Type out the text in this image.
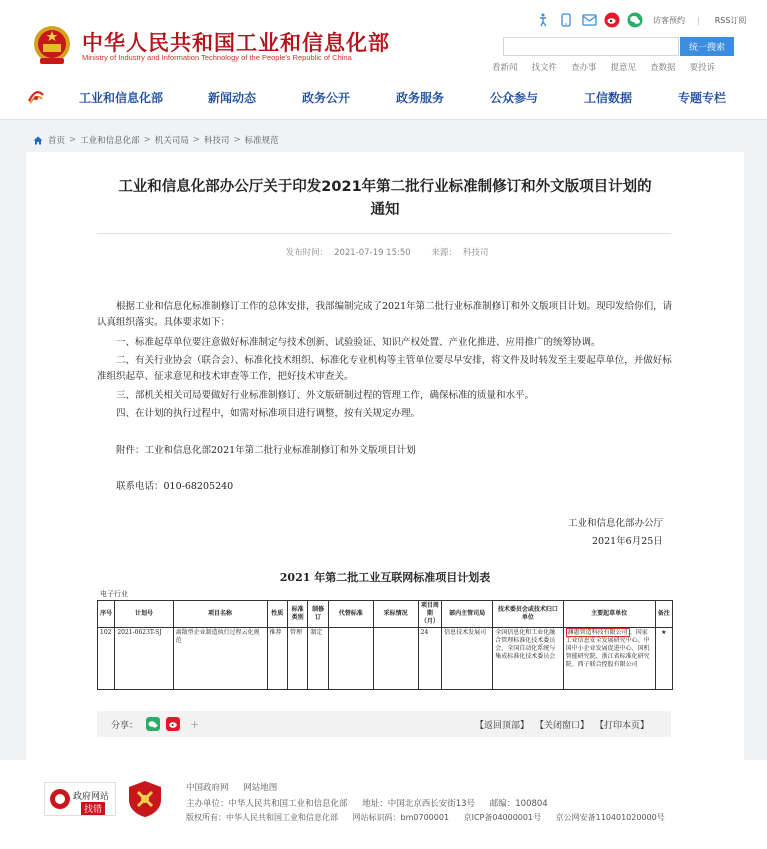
中华人民共和国工业和信息化部
Ministry of Industry and Information Technology of the People's Republic of China
访客预约 | RSS订阅
统一搜索
看新闻 找文件 查办事 提意见 查数据 要投诉
工业和信息化部	新闻动态	政务公开	政务服务	公众参与	工信数据	专题专栏
首页 > 工业和信息化部 > 机关司局 > 科技司 > 标准规范
工业和信息化部办公厅关于印发2021年第二批行业标准制修订和外文版项目计划的
通知
发布时间： 2021-07-19 15:50 来源： 科技司
根据工业和信息化标准制修订工作的总体安排，我部编制完成了2021年第二批行业标准制修订和外文版项目计划。现印发给你们，请认真组织落实。具体要求如下：
一、标准起草单位要注意做好标准制定与技术创新、试验验证、知识产权处置、产业化推进、应用推广的统筹协调。
二、有关行业协会（联合会）、标准化技术组织、标准化专业机构等主管单位要尽早安排，将文件及时转发至主要起草单位，并做好标准组织起草、征求意见和技术审查等工作，把好技术审查关。
三、部机关相关司局要做好行业标准制修订、外文版研制过程的管理工作，确保标准的质量和水平。
四、在计划的执行过程中，如需对标准项目进行调整，按有关规定办理。
附件：工业和信息化部2021年第二批行业标准制修订和外文版项目计划
联系电话：010-68205240
工业和信息化部办公厅
2021年6月25日
2021 年第二批工业互联网标准项目计划表
电子行业
序号	计划号	项目名称	性质	标准类别	制修订	代替标准	采标情况	项目周期（月）	部内主管司局	技术委员会或技术归口单位	主要起草单位	备注
102	2021-0623T-SJ	离散型企业制造执行过程云化规范	推荐	管理	制定			24	信息技术发展司	全国信息化和工业化融合管理标准化技术委员会、全国自动化系统与集成标准化技术委员会	渊惠智造科技有限公司 、国家工业信息安全发展研究中心、中国中小企业发展促进中心、国机智能研究院、浙江省标准化研究院、西子联合控股有限公司	★
分享：	+	【返回顶部】 【关闭窗口】 【打印本页】
政府网站
找错
中国政府网 网站地图
主办单位：中华人民共和国工业和信息化部 地址：中国北京西长安街13号 邮编：100804
版权所有：中华人民共和国工业和信息化部 网站标识码：bm0700001 京ICP备04000001号 京公网安备110401020000号
